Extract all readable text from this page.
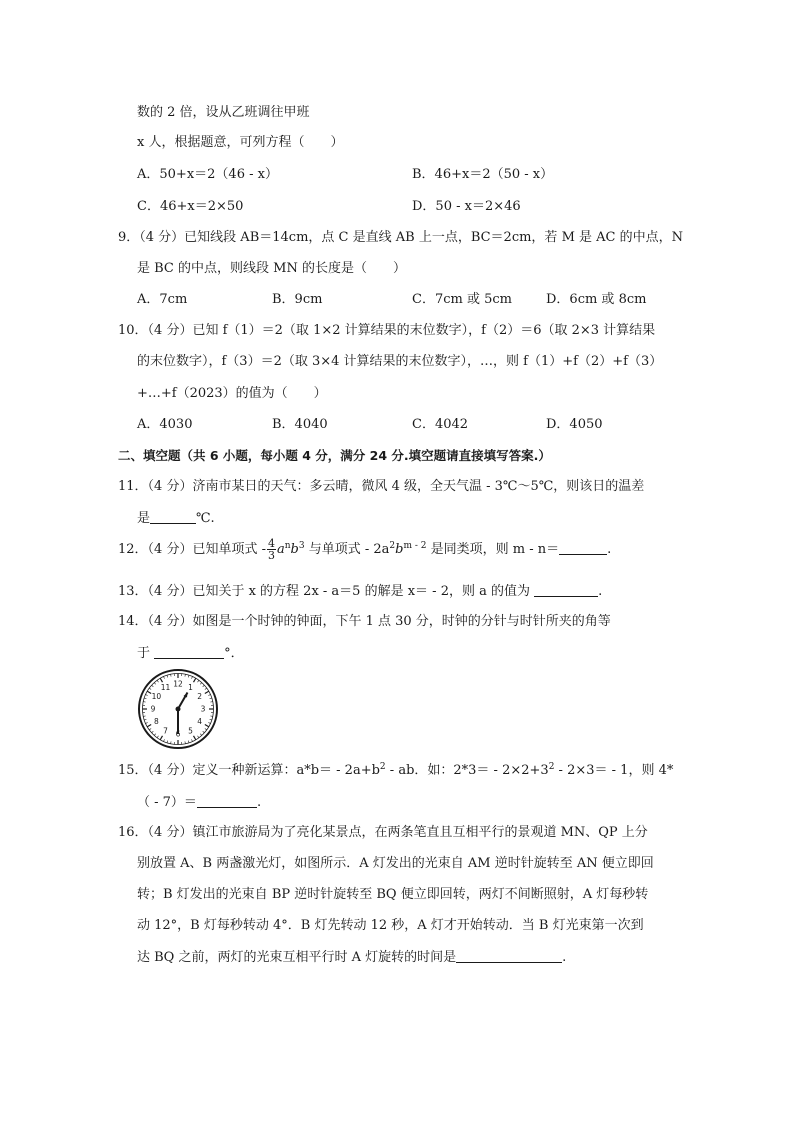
数的 2 倍，设从乙班调往甲班
x 人，根据题意，可列方程（　　）
A．50+x＝2（46 - x）	B．46+x＝2（50 - x）
C．46+x＝2×50	D．50 - x＝2×46
9．（4 分）已知线段 AB＝14cm，点 C 是直线 AB 上一点，BC＝2cm，若 M 是 AC 的中点，N
是 BC 的中点，则线段 MN 的长度是（　　）
A．7cm	B．9cm	C．7cm 或 5cm	D．6cm 或 8cm
10．（4 分）已知 f（1）＝2（取 1×2 计算结果的末位数字），f（2）＝6（取 2×3 计算结果
的末位数字），f（3）＝2（取 3×4 计算结果的末位数字），…，则 f（1）+f（2）+f（3）
+…+f（2023）的值为（　　）
A．4030	B．4040	C．4042	D．4050
二、填空题（共 6 小题，每小题 4 分，满分 24 分.填空题请直接填写答案.）
11．（4 分）济南市某日的天气：多云晴，微风 4 级，全天气温 - 3℃～5℃，则该日的温差
是	℃.
12．（4 分）已知单项式 - $\frac{4}{3} a^nb^3$ 与单项式 - $2a^2b^{m - 2}$ 是同类项，则 m - n＝	.
13．（4 分）已知关于 x 的方程 2x - a＝5 的解是 x＝ - 2，则 a 的值为	.
14．（4 分）如图是一个时钟的钟面，下午 1 点 30 分，时钟的分针与时针所夹的角等
于	°．
12 1
2
3
4
5
6
7
8
9
10
11
15．（4 分）定义一种新运算：$a*b= - 2a+b^2$ - ab．如：$2*3= - 2\times 2+3^2 - 2\times 3= - 1$，则 4*
（ - 7）＝	.
16．（4 分）镇江市旅游局为了亮化某景点，在两条笔直且互相平行的景观道 MN、QP 上分
别放置 A、B 两盏激光灯，如图所示．A 灯发出的光束自 AM 逆时针旋转至 AN 便立即回
转；B 灯发出的光束自 BP 逆时针旋转至 BQ 便立即回转，两灯不间断照射，A 灯每秒转
动 12°，B 灯每秒转动 4°．B 灯先转动 12 秒，A 灯才开始转动．当 B 灯光束第一次到
达 BQ 之前，两灯的光束互相平行时 A 灯旋转的时间是	.
